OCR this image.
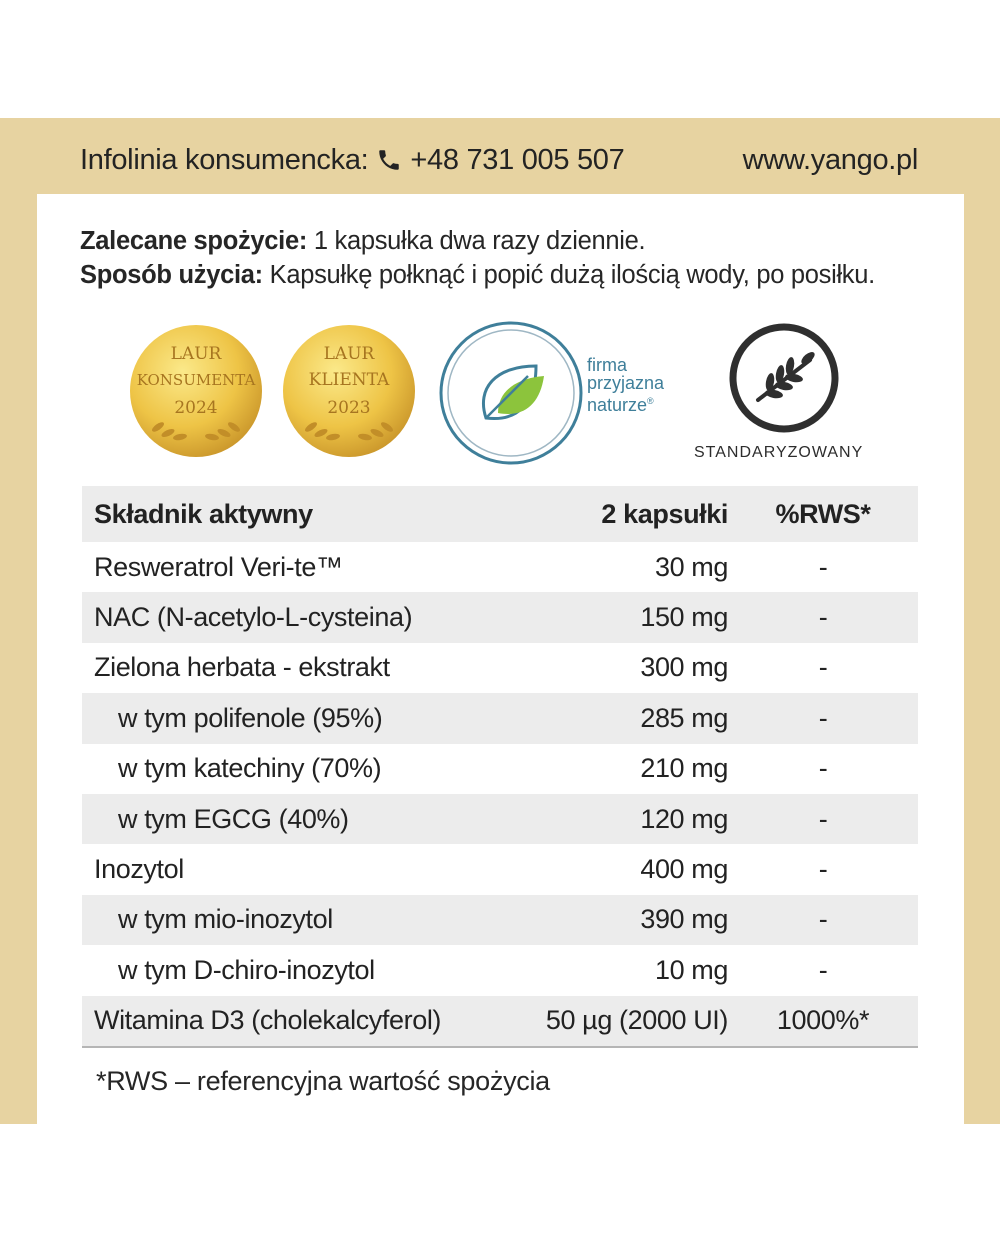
Infolinia konsumencka: +48 731 005 507	www.yango.pl
Zalecane spożycie: 1 kapsułka dwa razy dziennie.
Sposób użycia: Kapsułkę połknąć i popić dużą ilością wody, po posiłku.
LAUR
KONSUMENTA
2024
LAUR
KLIENTA
2023
firma
przyjazna
naturze®
STANDARYZOWANY
Składnik aktywny	2 kapsułki	%RWS*
Resweratrol Veri-te™	30 mg	-
NAC (N-acetylo-L-cysteina)	150 mg	-
Zielona herbata - ekstrakt	300 mg	-
w tym polifenole (95%)	285 mg	-
w tym katechiny (70%)	210 mg	-
w tym EGCG (40%)	120 mg	-
Inozytol	400 mg	-
w tym mio-inozytol	390 mg	-
w tym D-chiro-inozytol	10 mg	-
Witamina D3 (cholekalcyferol)	50 µg (2000 UI)	1000%*
*RWS – referencyjna wartość spożycia
